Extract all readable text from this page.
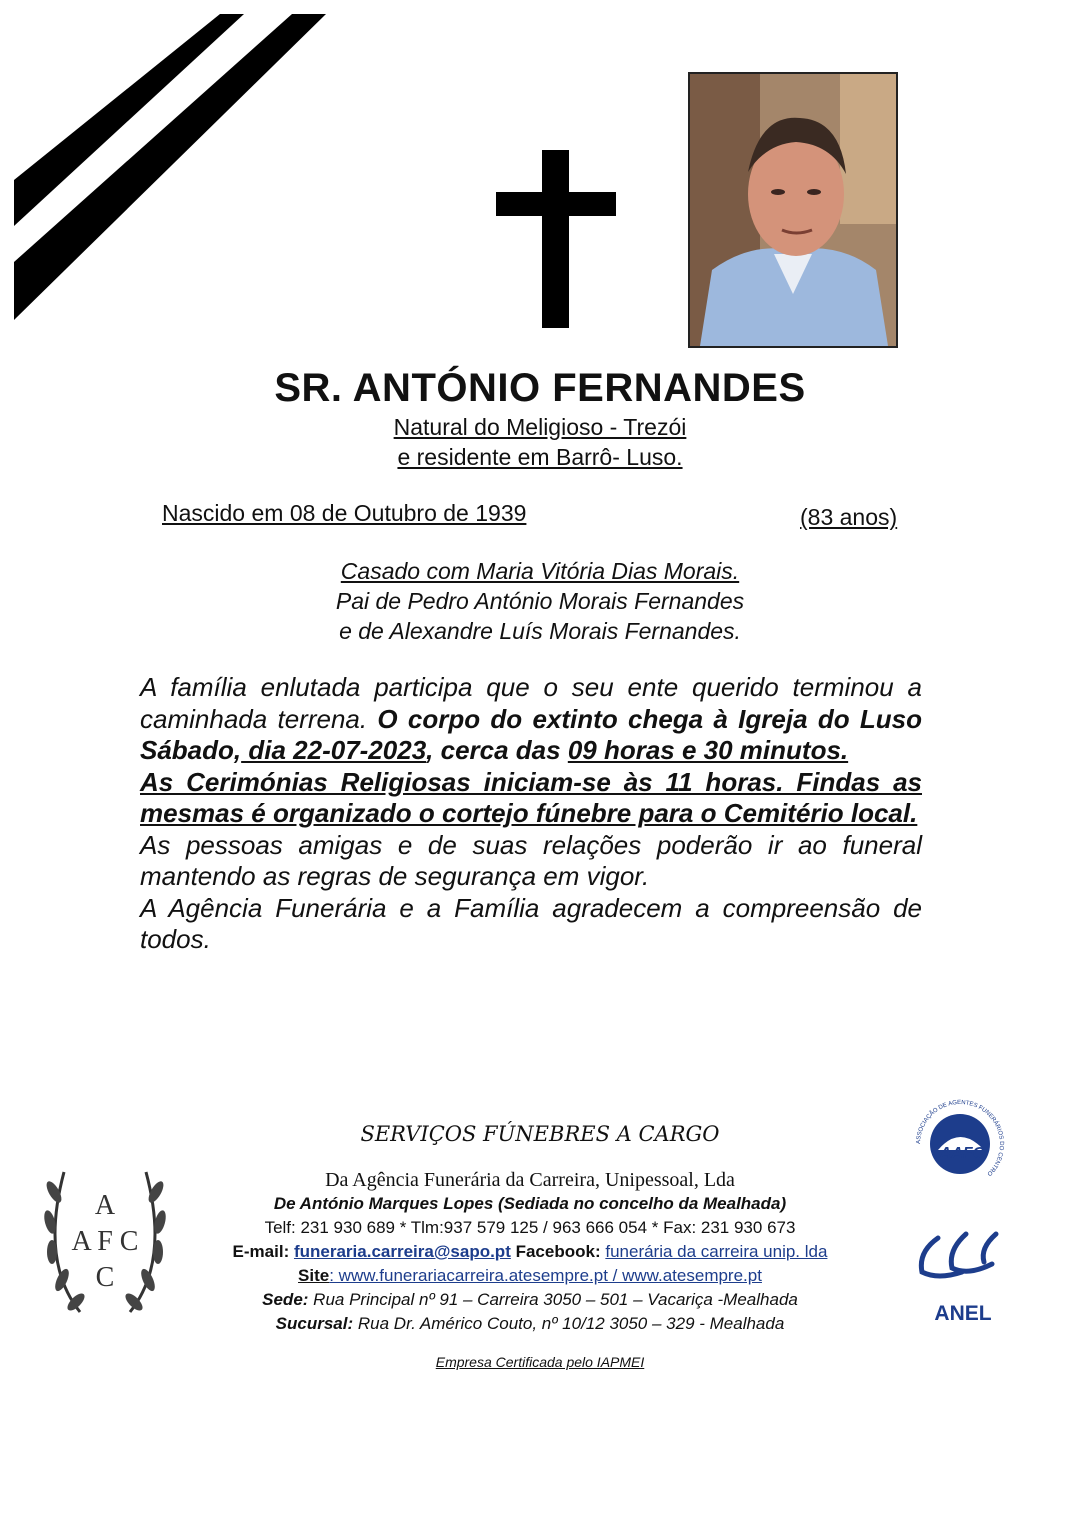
SR. ANTÓNIO FERNANDES
Natural do Meligioso - Trezói
e residente em Barrô- Luso.
Nascido em 08 de Outubro de 1939	(83 anos)
Casado com Maria Vitória Dias Morais.
Pai de Pedro António Morais Fernandes
e de Alexandre Luís Morais Fernandes.

A família enlutada participa que o seu ente querido terminou a caminhada terrena. O corpo do extinto chega à Igreja do Luso Sábado, dia 22-07-2023, cerca das 09 horas e 30 minutos.

As Cerimónias Religiosas iniciam-se às 11 horas. Findas as mesmas é organizado o cortejo fúnebre para o Cemitério local.

As pessoas amigas e de suas relações poderão ir ao funeral mantendo as regras de segurança em vigor.

A Agência Funerária e a Família agradecem a compreensão de todos.

SERVIÇOS FÚNEBRES A CARGO
Da Agência Funerária da Carreira, Unipessoal, Lda
De António Marques Lopes (Sediada no concelho da Mealhada)
Telf: 231 930 689 * Tlm:937 579 125 / 963 666 054 * Fax: 231 930 673
E-mail: funeraria.carreira@sapo.pt Facebook: funerária da carreira unip. lda
Site: www.funerariacarreira.atesempre.pt / www.atesempre.pt
Sede: Rua Principal nº 91 – Carreira 3050 – 501 – Vacariça -Mealhada
Sucursal: Rua Dr. Américo Couto, nº 10/12 3050 – 329 - Mealhada
Empresa Certificada pelo IAPMEI
A
A F C
C
ASSOCIAÇÃO DE AGENTES FUNERÁRIOS DO CENTRO
AAFC
ANEL
